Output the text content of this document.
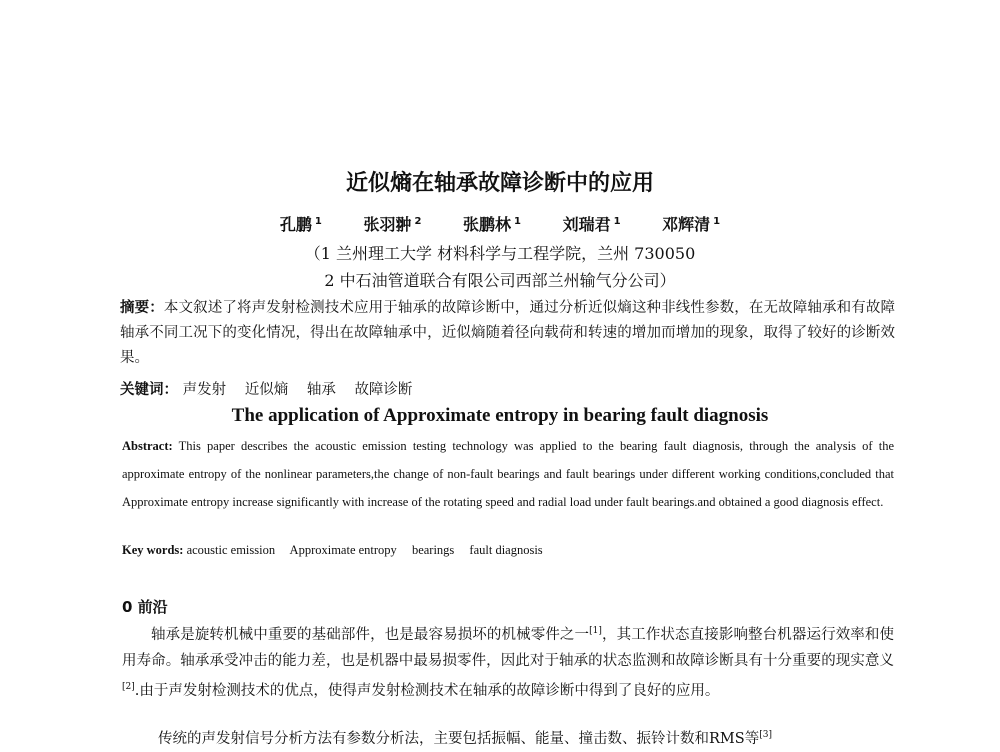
近似熵在轴承故障诊断中的应用
孔鹏 $^1$	张羽翀 $^2$	张鹏林 $^1$	刘瑞君 $^1$	邓辉清 $^1$
（1 兰州理工大学 材料科学与工程学院，兰州 730050
2 中石油管道联合有限公司西部兰州输气分公司）
摘要：本文叙述了将声发射检测技术应用于轴承的故障诊断中，通过分析近似熵这种非线性参数，在无故障轴承和有故障轴承不同工况下的变化情况，得出在故障轴承中，近似熵随着径向载荷和转速的增加而增加的现象，取得了较好的诊断效果。
关键词： 声发射 近似熵 轴承 故障诊断
The application of Approximate entropy in bearing fault diagnosis
Abstract: This paper describes the acoustic emission testing technology was applied to the bearing fault diagnosis, through the analysis of the approximate entropy of the nonlinear parameters,the change of non-fault bearings and fault bearings under different working conditions,concluded that Approximate entropy increase significantly with increase of the rotating speed and radial load under fault bearings.and obtained a good diagnosis effect.
Key words: acoustic emission Approximate entropy bearings fault diagnosis
0 前沿
轴承是旋转机械中重要的基础部件，也是最容易损坏的机械零件之一[1]，其工作状态直接影响整台机器运行效率和使用寿命。轴承承受冲击的能力差，也是机器中最易损零件，因此对于轴承的状态监测和故障诊断具有十分重要的现实意义[2].由于声发射检测技术的优点，使得声发射检测技术在轴承的故障诊断中得到了良好的应用。
传统的声发射信号分析方法有参数分析法，主要包括振幅、能量、撞击数、振铃计数和RMS等[3]
